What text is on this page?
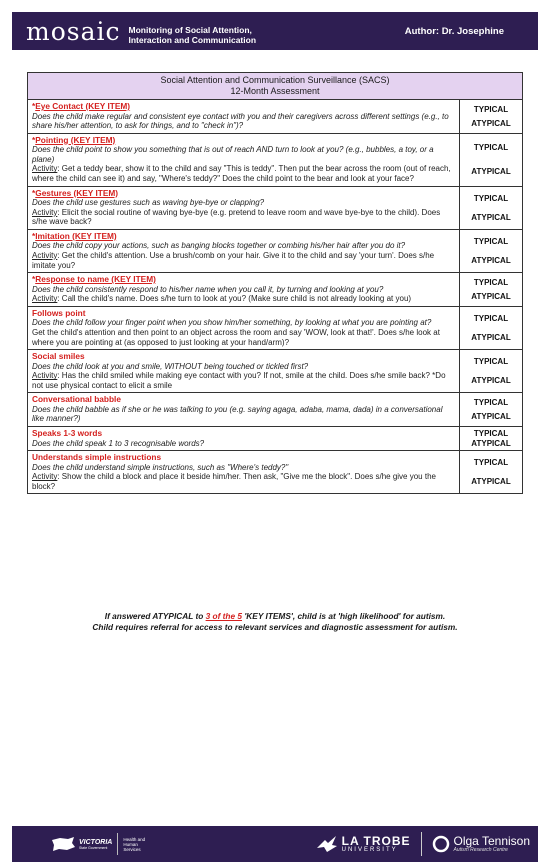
mosaic Monitoring of Social Attention, Interaction and Communication
Author: Dr. Josephine
Social Attention and Communication Surveillance (SACS)
12-Month Assessment
*Eye Contact (KEY ITEM)
Does the child make regular and consistent eye contact with you and their caregivers across different settings (e.g., to share his/her attention, to ask for things, and to "check in")?
TYPICAL
ATYPICAL
*Pointing (KEY ITEM)
Does the child point to show you something that is out of reach AND turn to look at you? (e.g., bubbles, a toy, or a plane)
Activity: Get a teddy bear, show it to the child and say "This is teddy". Then put the bear across the room (out of reach, where the child can see it) and say, "Where's teddy?" Does the child point to the bear and look at your face?
TYPICAL
ATYPICAL
*Gestures (KEY ITEM)
Does the child use gestures such as waving bye-bye or clapping?
Activity: Elicit the social routine of waving bye-bye (e.g. pretend to leave room and wave bye-bye to the child). Does s/he wave back?
TYPICAL
ATYPICAL
*Imitation (KEY ITEM)
Does the child copy your actions, such as banging blocks together or combing his/her hair after you do it?
Activity: Get the child's attention. Use a brush/comb on your hair. Give it to the child and say 'your turn'. Does s/he imitate you?
TYPICAL
ATYPICAL
*Response to name (KEY ITEM)
Does the child consistently respond to his/her name when you call it, by turning and looking at you?
Activity: Call the child's name. Does s/he turn to look at you? (Make sure child is not already looking at you)
TYPICAL
ATYPICAL
Follows point
Does the child follow your finger point when you show him/her something, by looking at what you are pointing at?
Get the child's attention and then point to an object across the room and say 'WOW, look at that!'. Does s/he look at where you are pointing at (as opposed to just looking at your hand/arm)?
TYPICAL
ATYPICAL
Social smiles
Does the child look at you and smile, WITHOUT being touched or tickled first?
Activity: Has the child smiled while making eye contact with you? If not, smile at the child. Does s/he smile back? *Do not use physical contact to elicit a smile
TYPICAL
ATYPICAL
Conversational babble
Does the child babble as if she or he was talking to you (e.g. saying agaga, adaba, mama, dada) in a conversational like manner?)
TYPICAL
ATYPICAL
Speaks 1-3 words
Does the child speak 1 to 3 recognisable words?
TYPICAL
ATYPICAL
Understands simple instructions
Does the child understand simple instructions, such as "Where's teddy?"
Activity: Show the child a block and place it beside him/her. Then ask, "Give me the block". Does s/he give you the block?
TYPICAL
ATYPICAL
If answered ATYPICAL to 3 of the 5 'KEY ITEMS', child is at 'high likelihood' for autism.
Child requires referral for access to relevant services and diagnostic assessment for autism.
VICTORIA
State Government
Health and Human Services
LA TROBE
UNIVERSITY
Olga Tennison
Autism Research Centre
